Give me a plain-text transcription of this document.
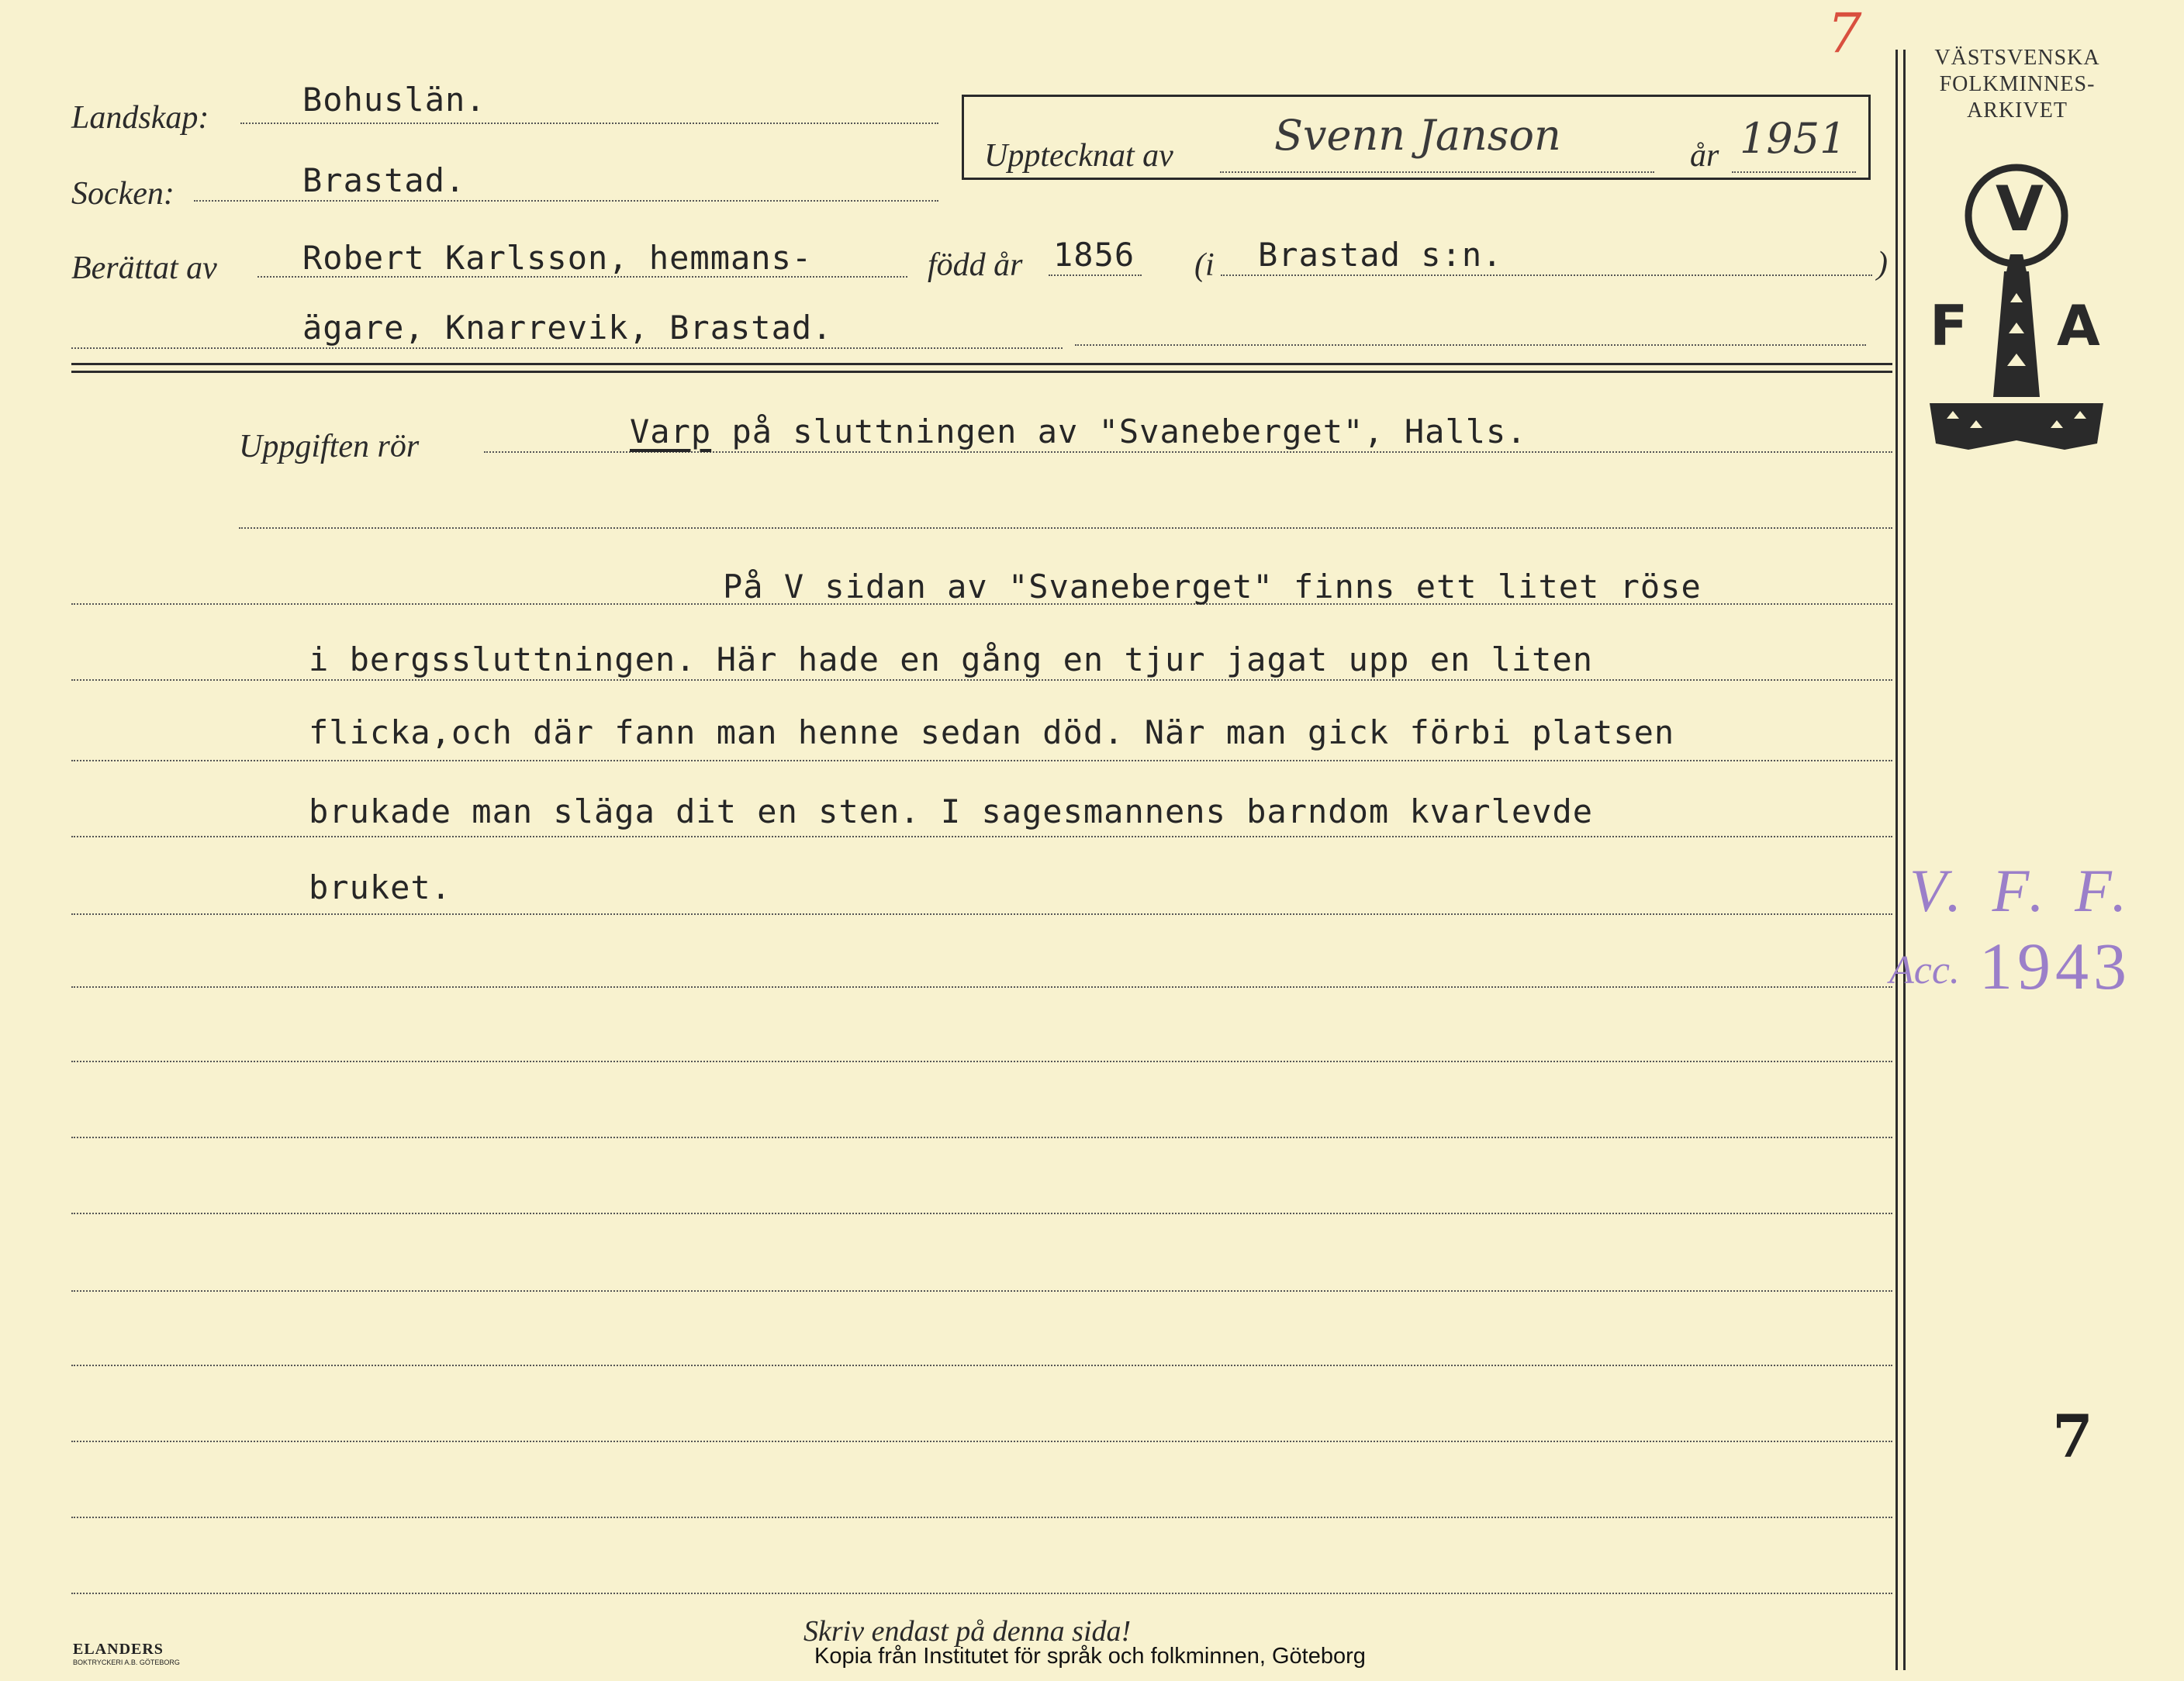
Landskap:	Bohuslän.
Socken:	Brastad.
Berättat av	Robert Karlsson, hemmans-	född år 1856 (i Brastad s:n.	)
ägare, Knarrevik, Brastad.
Upptecknat av Svenn Janson	år 1951
Uppgiften rör	Varp på sluttningen av "Svaneberget", Halls.
På V sidan av "Svaneberget" finns ett litet röse
i bergssluttningen. Här hade en gång en tjur jagat upp en liten
flicka,och där fann man henne sedan död. När man gick förbi platsen
brukade man släga dit en sten. I sagesmannens barndom kvarlevde
bruket.
VÄSTSVENSKA
FOLKMINNES-
ARKIVET
V
F A
7
V. F. F.
Acc. 1943
7
Skriv endast på denna sida!
Kopia från Institutet för språk och folkminnen, Göteborg
ELANDERS
BOKTRYCKERI A.B. GÖTEBORG
